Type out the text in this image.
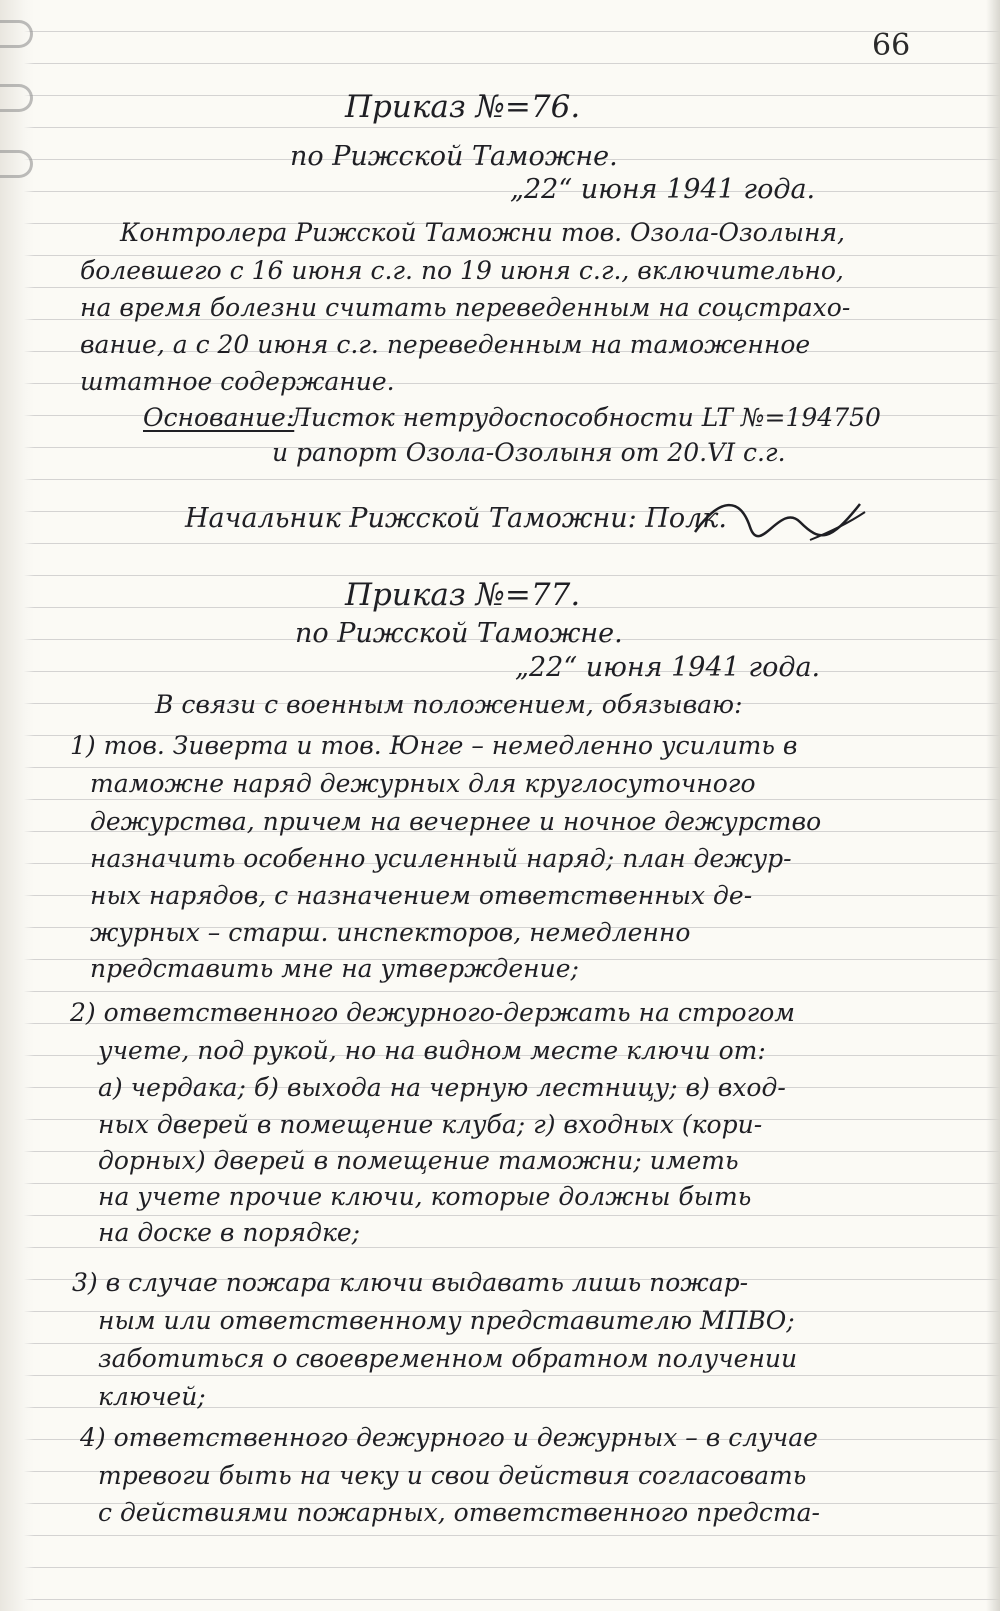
66
Приказ №=76.
по Рижской Таможне.
„22“ июня 1941 года.
Контролера Рижской Таможни тов. Озола-Озолыня,
болевшего с 16 июня с.г. по 19 июня с.г., включительно,
на время болезни считать переведенным на соцстрахо-
вание, а с 20 июня с.г. переведенным на таможенное
штатное содержание.
Основание:
Листок нетрудоспособности LT №=194750
и рапорт Озола-Озолыня от 20.VI с.г.
Начальник Рижской Таможни: Полк.
Приказ №=77.
по Рижской Таможне.
„22“ июня 1941 года.
В связи с военным положением, обязываю:
1) тов. Зиверта и тов. Юнге – немедленно усилить в
таможне наряд дежурных для круглосуточного
дежурства, причем на вечернее и ночное дежурство
назначить особенно усиленный наряд; план дежур-
ных нарядов, с назначением ответственных де-
журных – старш. инспекторов, немедленно
представить мне на утверждение;
2) ответственного дежурного-держать на строгом
учете, под рукой, но на видном месте ключи от:
а) чердака; б) выхода на черную лестницу; в) вход-
ных дверей в помещение клуба; г) входных (кори-
дорных) дверей в помещение таможни; иметь
на учете прочие ключи, которые должны быть
на доске в порядке;
3) в случае пожара ключи выдавать лишь пожар-
ным или ответственному представителю МПВО;
заботиться о своевременном обратном получении
ключей;
4) ответственного дежурного и дежурных – в случае
тревоги быть на чеку и свои действия согласовать
с действиями пожарных, ответственного предста-
